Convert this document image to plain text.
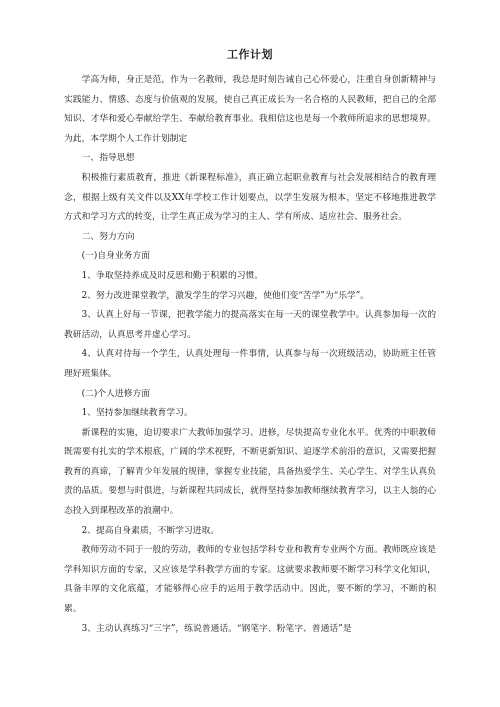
工作计划

学高为师，身正是范，作为一名教师，我总是时刻告诫自己心怀爱心，注重自身创新精神与实践能力、情感、态度与价值观的发展，使自己真正成长为一名合格的人民教师，把自己的全部知识、才华和爱心奉献给学生、奉献给教育事业。我相信这也是每一个教师所追求的思想境界。为此，本学期个人工作计划制定

一、指导思想

积极推行素质教育，推进《新课程标准》，真正确立起职业教育与社会发展相结合的教育理念，根据上级有关文件以及XX年学校工作计划要点，以学生发展为根本，坚定不移地推进教学方式和学习方式的转变，让学生真正成为学习的主人、学有所成、适应社会、服务社会。

二、努力方向

(一)自身业务方面

1、争取坚持养成及时反思和勤于积累的习惯。

2、努力改进课堂教学，激发学生的学习兴趣，使他们变“苦学”为“乐学”。

3、认真上好每一节课，把教学能力的提高落实在每一天的课堂教学中。认真参加每一次的教研活动，认真思考并虚心学习。

4、认真对待每一个学生，认真处理每一件事情，认真参与每一次班级活动，协助班主任管理好班集体。

(二)个人进修方面

1、坚持参加继续教育学习。

新课程的实施，迫切要求广大教师加强学习、进修，尽快提高专业化水平。优秀的中职教师既需要有扎实的学术根底，广阔的学术视野，不断更新知识、追逐学术前沿的意识，又需要把握教育的真谛，了解青少年发展的规律，掌握专业技能，具备热爱学生、关心学生、对学生认真负责的品质。要想与时俱进，与新课程共同成长，就得坚持参加教师继续教育学习，以主人翁的心态投入到课程改革的浪潮中。

2、提高自身素质，不断学习进取。

教师劳动不同于一般的劳动，教师的专业包括学科专业和教育专业两个方面。教师既应该是学科知识方面的专家，又应该是学科教学方面的专家。这就要求教师要不断学习科学文化知识，具备丰厚的文化底蕴，才能够得心应手的运用于教学活动中。因此，要不断的学习，不断的积累。

3、主动认真练习“三字”，练说普通话。“钢笔字、粉笔字、普通话”是
